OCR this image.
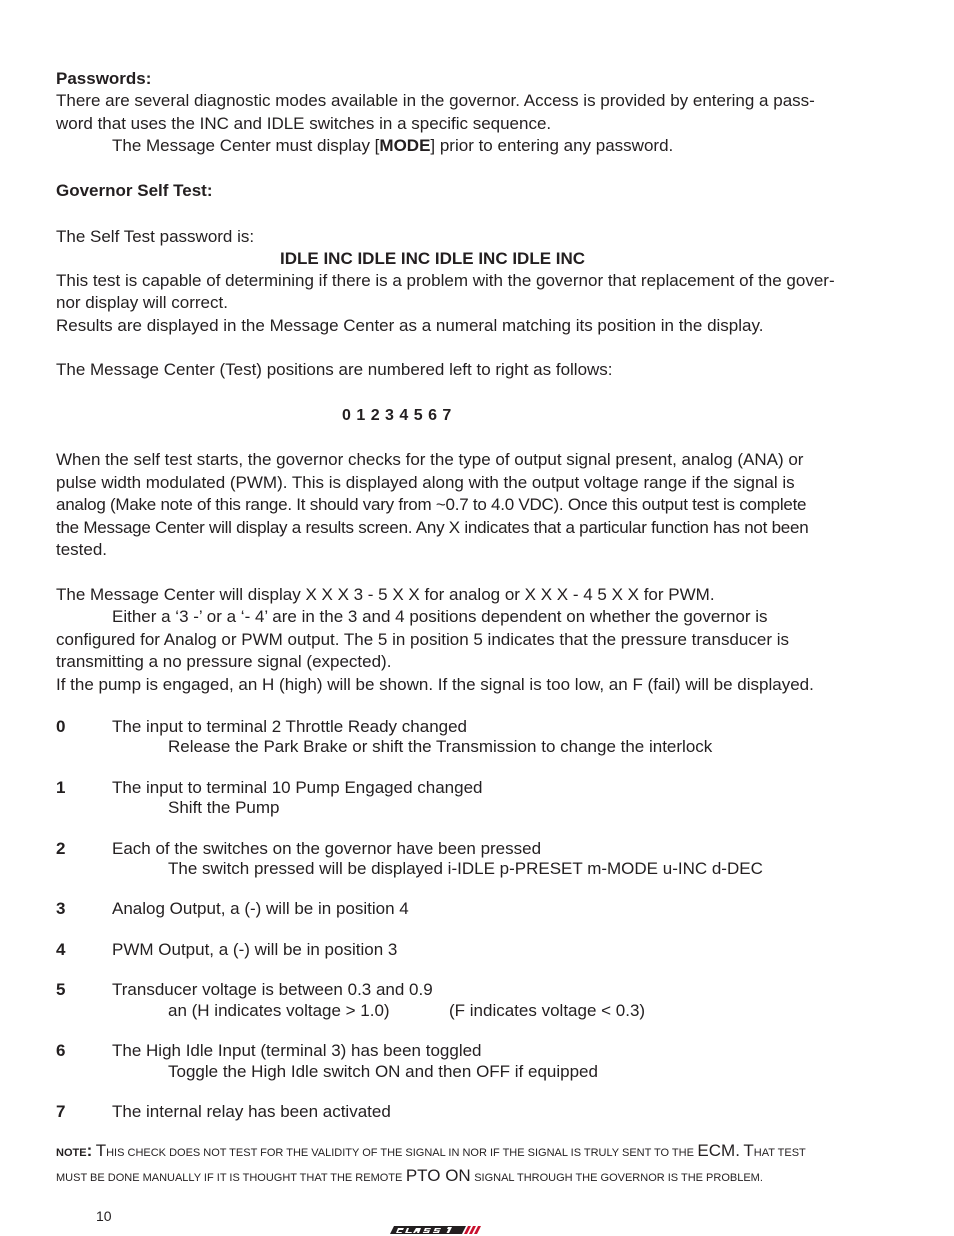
Passwords:
There are several diagnostic modes available in the governor. Access is provided by entering a pass-
word that uses the INC and IDLE switches in a specific sequence.
The Message Center must display [MODE] prior to entering any password.
Governor Self Test:
The Self Test password is:
IDLE INC IDLE INC IDLE INC IDLE INC
This test is capable of determining if there is a problem with the governor that replacement of the gover-
nor display will correct.
Results are displayed in the Message Center as a numeral matching its position in the display.
The Message Center (Test) positions are numbered left to right as follows:
0 1 2 3 4 5 6 7
When the self test starts, the governor checks for the type of output signal present, analog (ANA) or
pulse width modulated (PWM). This is displayed along with the output voltage range if the signal is
analog (Make note of this range. It should vary from ~0.7 to 4.0 VDC). Once this output test is complete
the Message Center will display a results screen. Any X indicates that a particular function has not been
tested.
The Message Center will display X X X 3 - 5 X X for analog or X X X - 4 5 X X for PWM.
Either a ‘3 -’ or a ‘- 4’ are in the 3 and 4 positions dependent on whether the governor is
configured for Analog or PWM output. The 5 in position 5 indicates that the pressure transducer is
transmitting a no pressure signal (expected).
If the pump is engaged, an H (high) will be shown. If the signal is too low, an F (fail) will be displayed.
0	The input to terminal 2 Throttle Ready changed
Release the Park Brake or shift the Transmission to change the interlock
1	The input to terminal 10 Pump Engaged changed
Shift the Pump
2	Each of the switches on the governor have been pressed
The switch pressed will be displayed i-IDLE p-PRESET m-MODE u-INC d-DEC
3	Analog Output, a (-) will be in position 4
4	PWM Output, a (-) will be in position 3
5	Transducer voltage is between 0.3 and 0.9
an (H indicates voltage > 1.0)	(F indicates voltage < 0.3)
6	The High Idle Input (terminal 3) has been toggled
Toggle the High Idle switch ON and then OFF if equipped
7	The internal relay has been activated
NOTE: THIS CHECK DOES NOT TEST FOR THE VALIDITY OF THE SIGNAL IN NOR IF THE SIGNAL IS TRULY SENT TO THE ECM. THAT TEST
MUST BE DONE MANUALLY IF IT IS THOUGHT THAT THE REMOTE PTO ON SIGNAL THROUGH THE GOVERNOR IS THE PROBLEM.
10
